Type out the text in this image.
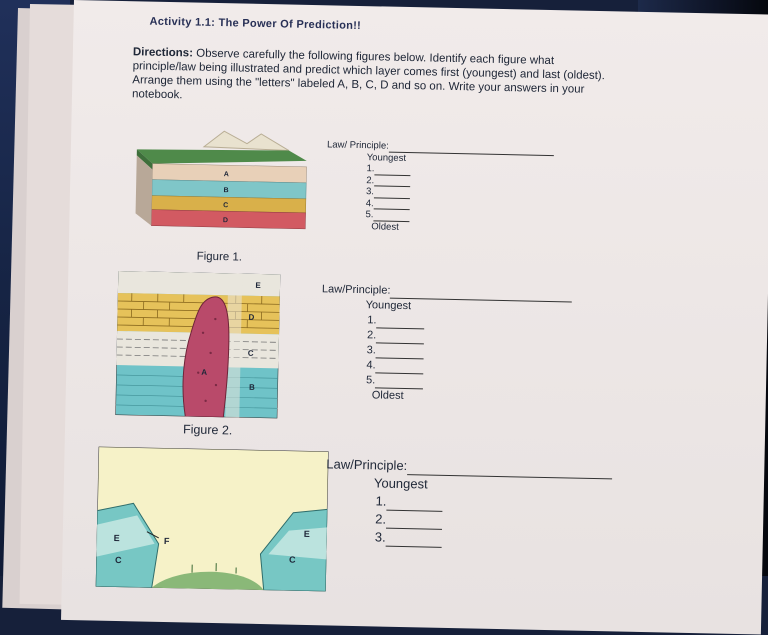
Activity 1.1: The Power Of Prediction!!
Directions: Observe carefully the following figures below. Identify each figure what principle/law being illustrated and predict which layer comes first (youngest) and last (oldest). Arrange them using the "letters" labeled A, B, C, D and so on. Write your answers in your notebook.
A
B
C
D
Figure 1.
E
D
C
A
B
Figure 2.
E	F
E
C	C
Law/ Principle:
Youngest
1.
2.
3.
4.
5.
Oldest
Law/Principle:
Youngest
1.
2.
3.
4.
5.
Oldest
Law/Principle:
Youngest
1.
2.
3.
